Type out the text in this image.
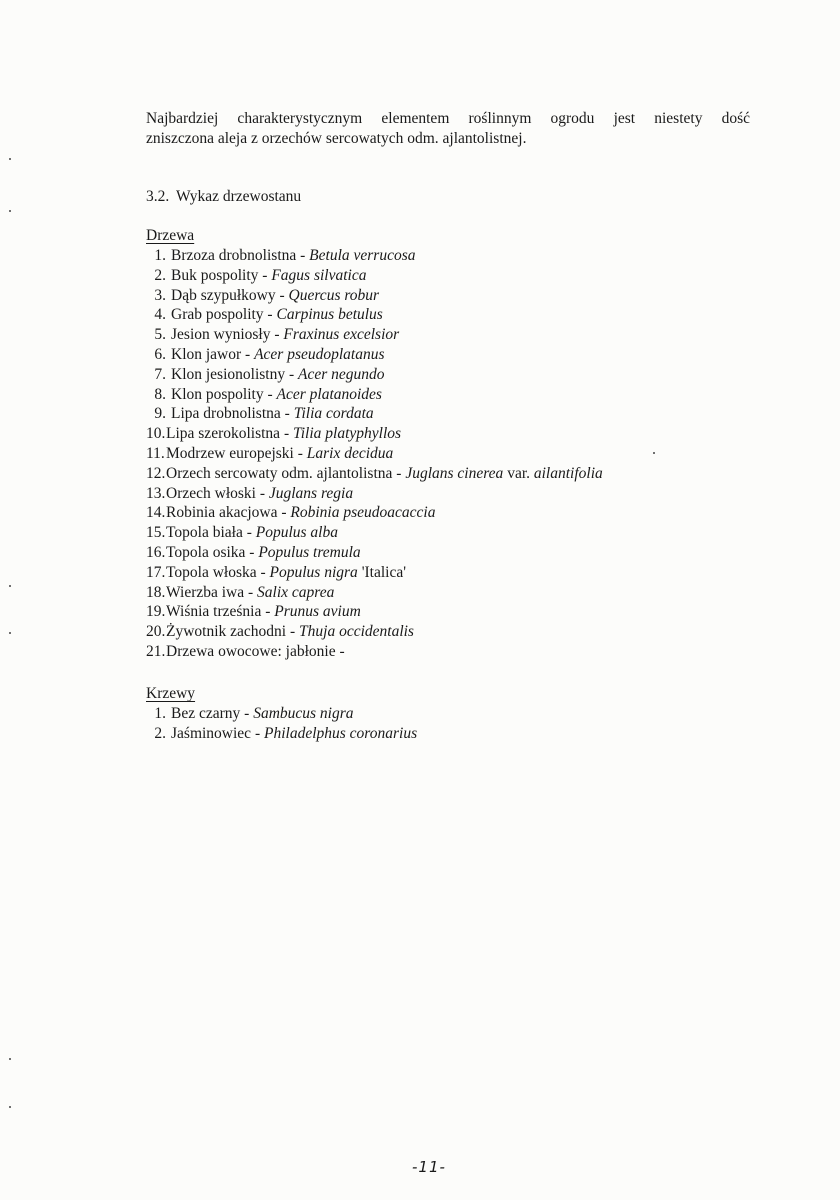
Najbardziej charakterystycznym elementem roślinnym ogrodu jest niestety dość
zniszczona aleja z orzechów sercowatych odm. ajlantolistnej.
3.2. Wykaz drzewostanu
Drzewa
1. Brzoza drobnolistna - Betula verrucosa
2. Buk pospolity - Fagus silvatica
3. Dąb szypułkowy - Quercus robur
4. Grab pospolity - Carpinus betulus
5. Jesion wyniosły - Fraxinus excelsior
6. Klon jawor - Acer pseudoplatanus
7. Klon jesionolistny - Acer negundo
8. Klon pospolity - Acer platanoides
9. Lipa drobnolistna - Tilia cordata
10.Lipa szerokolistna - Tilia platyphyllos
11.Modrzew europejski - Larix decidua
12.Orzech sercowaty odm. ajlantolistna - Juglans cinerea var. ailantifolia
13.Orzech włoski - Juglans regia
14.Robinia akacjowa - Robinia pseudoacaccia
15.Topola biała - Populus alba
16.Topola osika - Populus tremula
17.Topola włoska - Populus nigra 'Italica'
18.Wierzba iwa - Salix caprea
19.Wiśnia trześnia - Prunus avium
20.Żywotnik zachodni - Thuja occidentalis
21.Drzewa owocowe: jabłonie -
Krzewy
1. Bez czarny - Sambucus nigra
2. Jaśminowiec - Philadelphus coronarius
-11-
